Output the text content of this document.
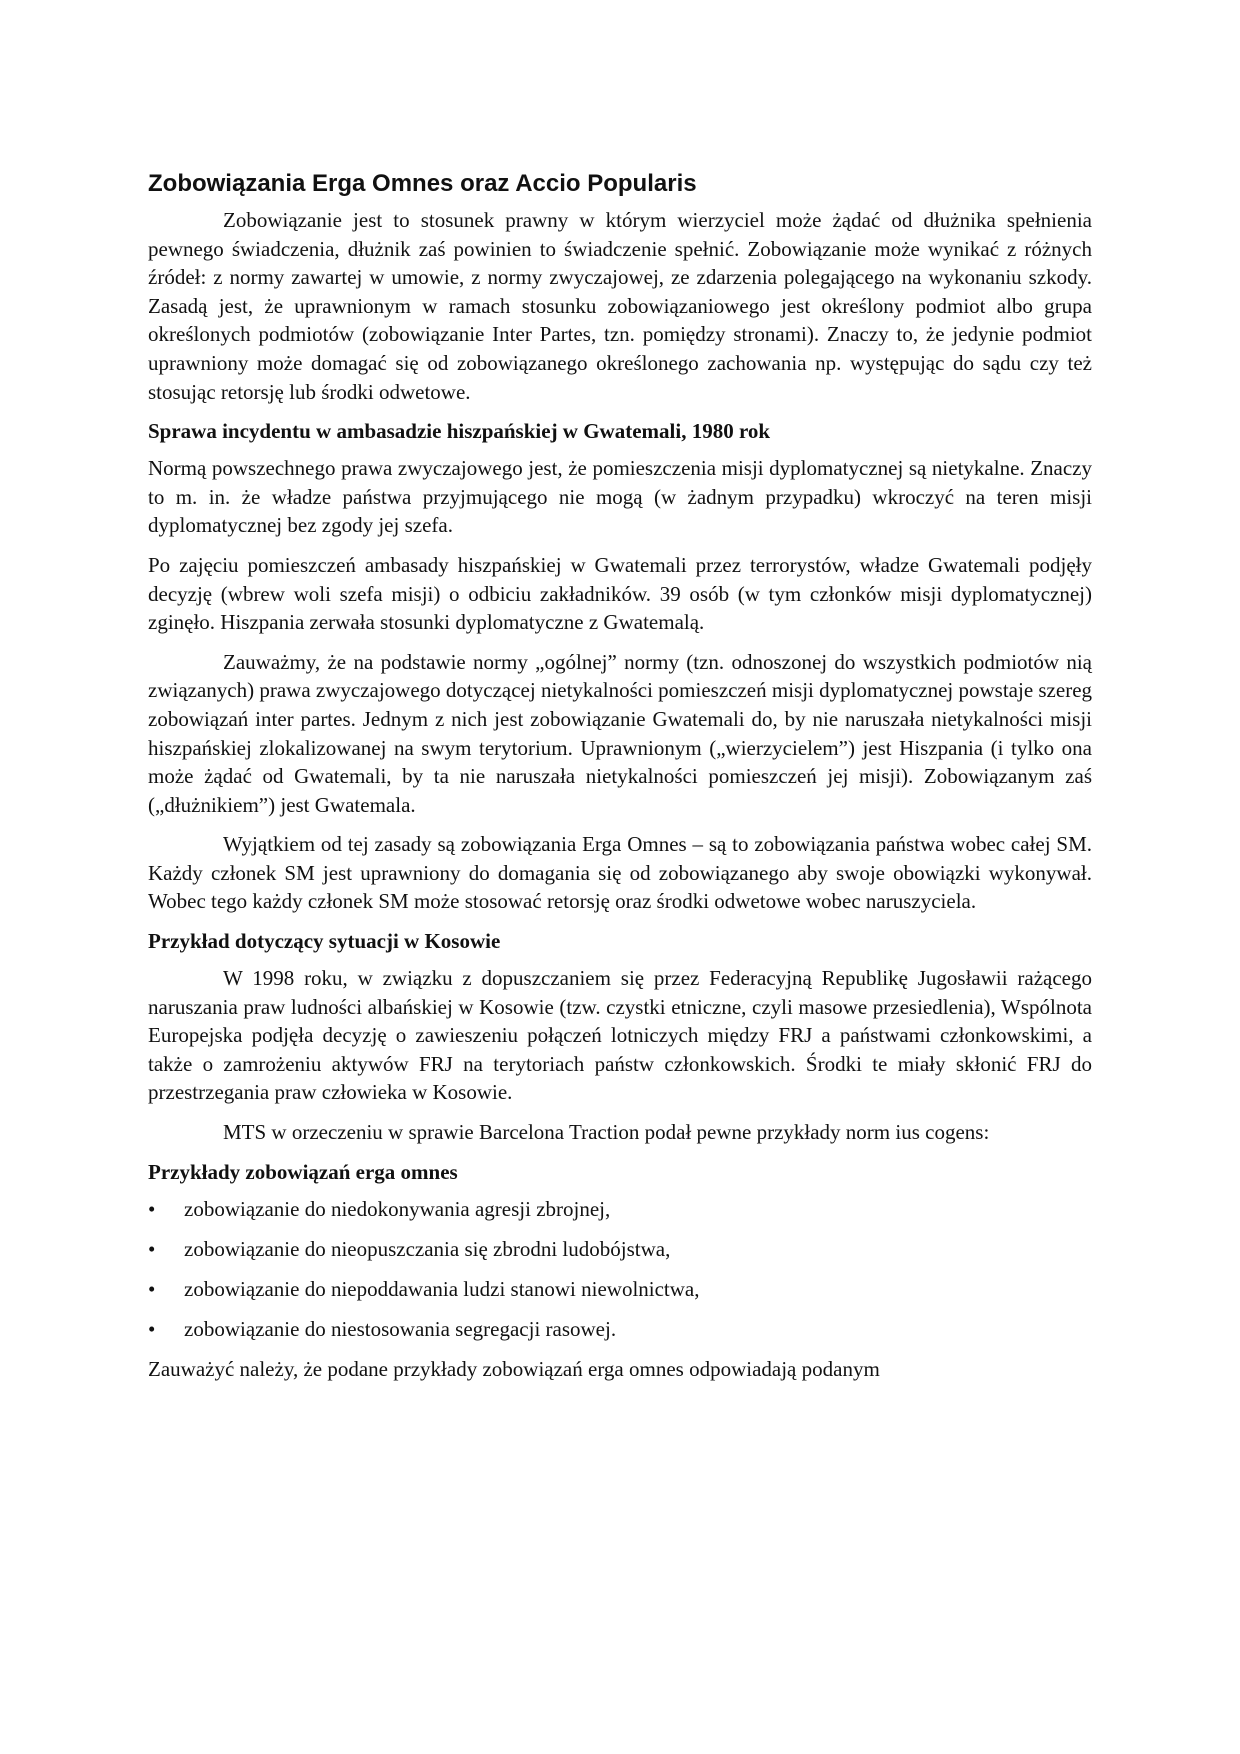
Zobowiązania Erga Omnes oraz Accio Popularis

Zobowiązanie jest to stosunek prawny w którym wierzyciel może żądać od dłużnika spełnienia pewnego świadczenia, dłużnik zaś powinien to świadczenie spełnić. Zobowiązanie może wynikać z różnych źródeł: z normy zawartej w umowie, z normy zwyczajowej, ze zdarzenia polegającego na wykonaniu szkody. Zasadą jest, że uprawnionym w ramach stosunku zobowiązaniowego jest określony podmiot albo grupa określonych podmiotów (zobowiązanie Inter Partes, tzn. pomiędzy stronami). Znaczy to, że jedynie podmiot uprawniony może domagać się od zobowiązanego określonego zachowania np. występując do sądu czy też stosując retorsję lub środki odwetowe.

Sprawa incydentu w ambasadzie hiszpańskiej w Gwatemali, 1980 rok

Normą powszechnego prawa zwyczajowego jest, że pomieszczenia misji dyplomatycznej są nietykalne. Znaczy to m. in. że władze państwa przyjmującego nie mogą (w żadnym przypadku) wkroczyć na teren misji dyplomatycznej bez zgody jej szefa.

Po zajęciu pomieszczeń ambasady hiszpańskiej w Gwatemali przez terrorystów, władze Gwatemali podjęły decyzję (wbrew woli szefa misji) o odbiciu zakładników. 39 osób (w tym członków misji dyplomatycznej) zginęło. Hiszpania zerwała stosunki dyplomatyczne z Gwatemalą.

Zauważmy, że na podstawie normy „ogólnej” normy (tzn. odnoszonej do wszystkich podmiotów nią związanych) prawa zwyczajowego dotyczącej nietykalności pomieszczeń misji dyplomatycznej powstaje szereg zobowiązań inter partes. Jednym z nich jest zobowiązanie Gwatemali do, by nie naruszała nietykalności misji hiszpańskiej zlokalizowanej na swym terytorium. Uprawnionym („wierzycielem”) jest Hiszpania (i tylko ona może żądać od Gwatemali, by ta nie naruszała nietykalności pomieszczeń jej misji). Zobowiązanym zaś („dłużnikiem”) jest Gwatemala.

Wyjątkiem od tej zasady są zobowiązania Erga Omnes – są to zobowiązania państwa wobec całej SM. Każdy członek SM jest uprawniony do domagania się od zobowiązanego aby swoje obowiązki wykonywał. Wobec tego każdy członek SM może stosować retorsję oraz środki odwetowe wobec naruszyciela.

Przykład dotyczący sytuacji w Kosowie

W 1998 roku, w związku z dopuszczaniem się przez Federacyjną Republikę Jugosławii rażącego naruszania praw ludności albańskiej w Kosowie (tzw. czystki etniczne, czyli masowe przesiedlenia), Wspólnota Europejska podjęła decyzję o zawieszeniu połączeń lotniczych między FRJ a państwami członkowskimi, a także o zamrożeniu aktywów FRJ na terytoriach państw członkowskich. Środki te miały skłonić FRJ do przestrzegania praw człowieka w Kosowie.

MTS w orzeczeniu w sprawie Barcelona Traction podał pewne przykłady norm ius cogens:

Przykłady zobowiązań erga omnes
• zobowiązanie do niedokonywania agresji zbrojnej,
• zobowiązanie do nieopuszczania się zbrodni ludobójstwa,
• zobowiązanie do niepoddawania ludzi stanowi niewolnictwa,
• zobowiązanie do niestosowania segregacji rasowej.

Zauważyć należy, że podane przykłady zobowiązań erga omnes odpowiadają podanym
